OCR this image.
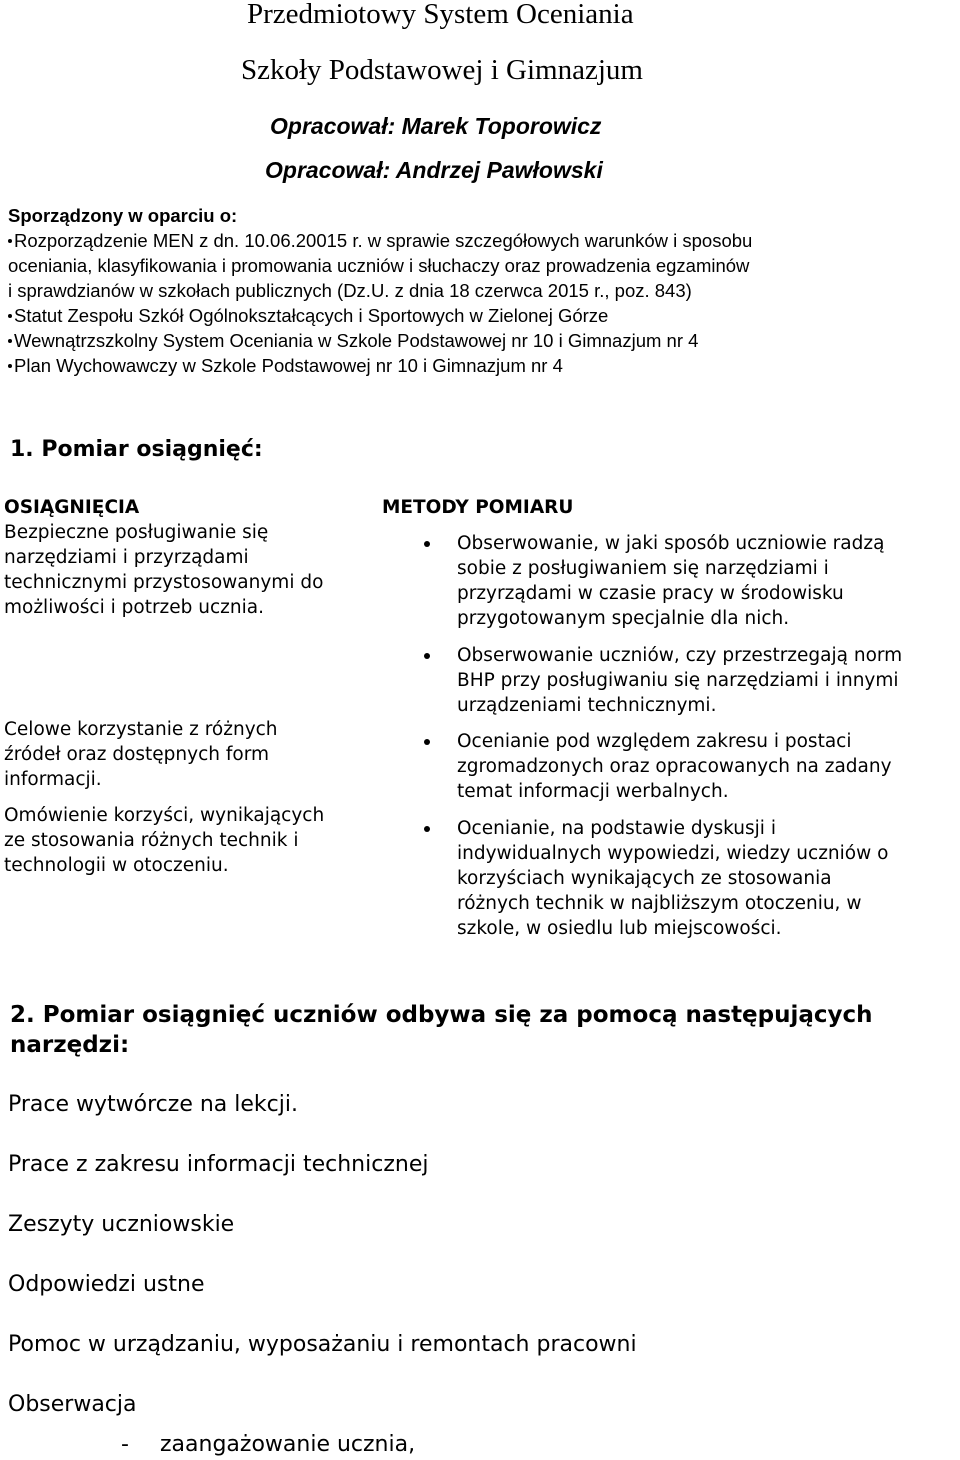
Przedmiotowy System Oceniania
Szkoły Podstawowej i Gimnazjum
Opracował: Marek Toporowicz
Opracował: Andrzej Pawłowski
Sporządzony w oparciu o:
Rozporządzenie MEN z dn. 10.06.20015 r. w sprawie szczegółowych warunków i sposobu
oceniania, klasyfikowania i promowania uczniów i słuchaczy oraz prowadzenia egzaminów
i sprawdzianów w szkołach publicznych (Dz.U. z dnia 18 czerwca 2015 r., poz. 843)
Statut Zespołu Szkół Ogólnokształcących i Sportowych w Zielonej Górze
Wewnątrzszkolny System Oceniania w Szkole Podstawowej nr 10 i Gimnazjum nr 4
Plan Wychowawczy w Szkole Podstawowej nr 10 i Gimnazjum nr 4
1. Pomiar osiągnięć:
OSIĄGNIĘCIA
Bezpieczne posługiwanie się
narzędziami i przyrządami
technicznymi przystosowanymi do
możliwości i potrzeb ucznia.
Celowe korzystanie z różnych
źródeł oraz dostępnych form
informacji.
Omówienie korzyści, wynikających
ze stosowania różnych technik i
technologii w otoczeniu.
METODY POMIARU
Obserwowanie, w jaki sposób uczniowie radzą
sobie z posługiwaniem się narzędziami i
przyrządami w czasie pracy w środowisku
przygotowanym specjalnie dla nich.
Obserwowanie uczniów, czy przestrzegają norm
BHP przy posługiwaniu się narzędziami i innymi
urządzeniami technicznymi.
Ocenianie pod względem zakresu i postaci
zgromadzonych oraz opracowanych na zadany
temat informacji werbalnych.
Ocenianie, na podstawie dyskusji i
indywidualnych wypowiedzi, wiedzy uczniów o
korzyściach wynikających ze stosowania
różnych technik w najbliższym otoczeniu, w
szkole, w osiedlu lub miejscowości.
2. Pomiar osiągnięć uczniów odbywa się za pomocą następujących
narzędzi:
Prace wytwórcze na lekcji.
Prace z zakresu informacji technicznej
Zeszyty uczniowskie
Odpowiedzi ustne
Pomoc w urządzaniu, wyposażaniu i remontach pracowni
Obserwacja
- zaangażowanie ucznia,
